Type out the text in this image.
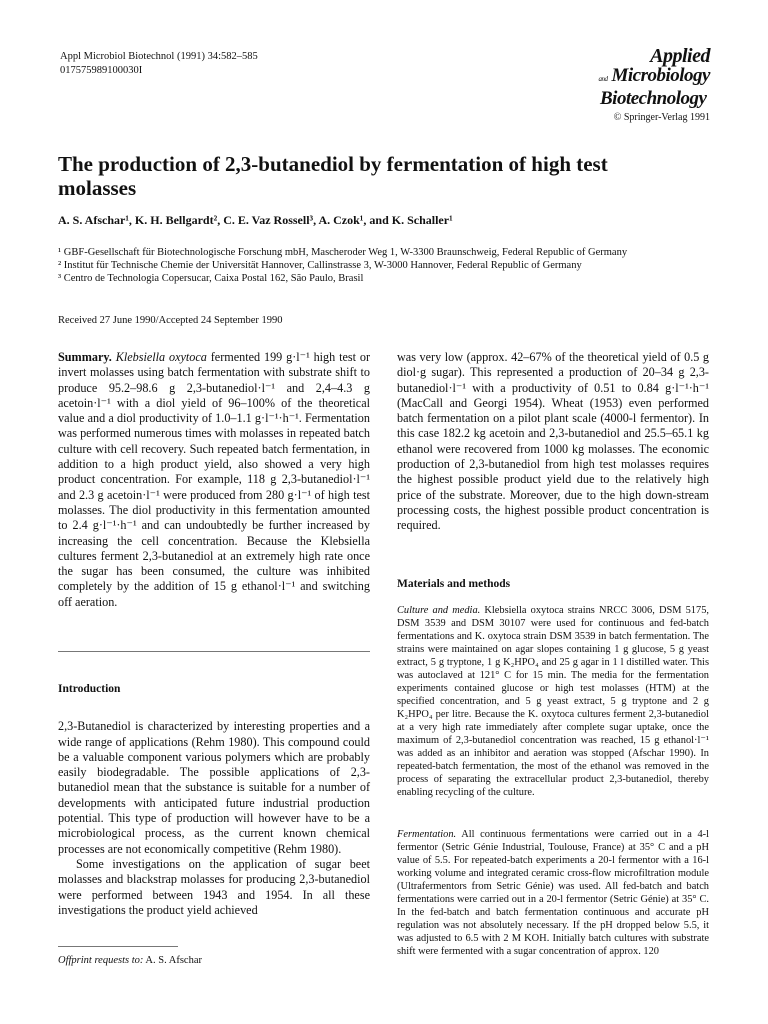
Appl Microbiol Biotechnol (1991) 34:582–585
017575989100030I
Applied
and Microbiology
Biotechnology
© Springer-Verlag 1991
The production of 2,3-butanediol by fermentation of high test molasses
A. S. Afschar¹, K. H. Bellgardt², C. E. Vaz Rossell³, A. Czok¹, and K. Schaller¹
¹ GBF-Gesellschaft für Biotechnologische Forschung mbH, Mascheroder Weg 1, W-3300 Braunschweig, Federal Republic of Germany
² Institut für Technische Chemie der Universität Hannover, Callinstrasse 3, W-3000 Hannover, Federal Republic of Germany
³ Centro de Technologia Copersucar, Caixa Postal 162, São Paulo, Brasil
Received 27 June 1990/Accepted 24 September 1990

Summary. Klebsiella oxytoca fermented 199 g·l⁻¹ high test or invert molasses using batch fermentation with substrate shift to produce 95.2–98.6 g 2,3-butanediol·l⁻¹ and 2,4–4.3 g acetoin·l⁻¹ with a diol yield of 96–100% of the theoretical value and a diol productivity of 1.0–1.1 g·l⁻¹·h⁻¹. Fermentation was performed numerous times with molasses in repeated batch culture with cell recovery. Such repeated batch fermentation, in addition to a high product yield, also showed a very high product concentration. For example, 118 g 2,3-butanediol·l⁻¹ and 2.3 g acetoin·l⁻¹ were produced from 280 g·l⁻¹ of high test molasses. The diol productivity in this fermentation amounted to 2.4 g·l⁻¹·h⁻¹ and can undoubtedly be further increased by increasing the cell concentration. Because the Klebsiella cultures ferment 2,3-butanediol at an extremely high rate once the sugar has been consumed, the culture was inhibited completely by the addition of 15 g ethanol·l⁻¹ and switching off aeration.

Introduction

2,3-Butanediol is characterized by interesting properties and a wide range of applications (Rehm 1980). This compound could be a valuable component various polymers which are probably easily biodegradable. The possible applications of 2,3-butanediol mean that the substance is suitable for a number of developments with anticipated future industrial production potential. This type of production will however have to be a microbiological process, as the current known chemical processes are not economically competitive (Rehm 1980).

Some investigations on the application of sugar beet molasses and blackstrap molasses for producing 2,3-butanediol were performed between 1943 and 1954. In all these investigations the product yield achieved

Offprint requests to: A. S. Afschar
was very low (approx. 42–67% of the theoretical yield of 0.5 g diol·g sugar). This represented a production of 20–34 g 2,3-butanediol·l⁻¹ with a productivity of 0.51 to 0.84 g·l⁻¹·h⁻¹ (MacCall and Georgi 1954). Wheat (1953) even performed batch fermentation on a pilot plant scale (4000-l fermentor). In this case 182.2 kg acetoin and 2,3-butanediol and 25.5–65.1 kg ethanol were recovered from 1000 kg molasses. The economic production of 2,3-butanediol from high test molasses requires the highest possible product yield due to the relatively high price of the substrate. Moreover, due to the high down-stream processing costs, the highest possible product concentration is required.
Materials and methods
Culture and media. Klebsiella oxytoca strains NRCC 3006, DSM 5175, DSM 3539 and DSM 30107 were used for continuous and fed-batch fermentations and K. oxytoca strain DSM 3539 in batch fermentation. The strains were maintained on agar slopes containing 1 g glucose, 5 g yeast extract, 5 g tryptone, 1 g K₂HPO₄ and 25 g agar in 1 l distilled water. This was autoclaved at 121° C for 15 min. The media for the fermentation experiments contained glucose or high test molasses (HTM) at the specified concentration, and 5 g yeast extract, 5 g tryptone and 2 g K₂HPO₄ per litre. Because the K. oxytoca cultures ferment 2,3-butanediol at a very high rate immediately after complete sugar uptake, once the maximum of 2,3-butanediol concentration was reached, 15 g ethanol·l⁻¹ was added as an inhibitor and aeration was stopped (Afschar 1990). In repeated-batch fermentation, the most of the ethanol was removed in the process of separating the extracellular product 2,3-butanediol, thereby enabling recycling of the culture.
Fermentation. All continuous fermentations were carried out in a 4-l fermentor (Setric Génie Industrial, Toulouse, France) at 35° C and a pH value of 5.5. For repeated-batch experiments a 20-l fermentor with a 16-l working volume and integrated ceramic cross-flow microfiltration module (Ultrafermentors from Setric Génie) was used. All fed-batch and batch fermentations were carried out in a 20-l fermentor (Setric Génie) at 35° C. In the fed-batch and batch fermentation continuous and accurate pH regulation was not absolutely necessary. If the pH dropped below 5.5, it was adjusted to 6.5 with 2 M KOH. Initially batch cultures with substrate shift were fermented with a sugar concentration of approx. 120
